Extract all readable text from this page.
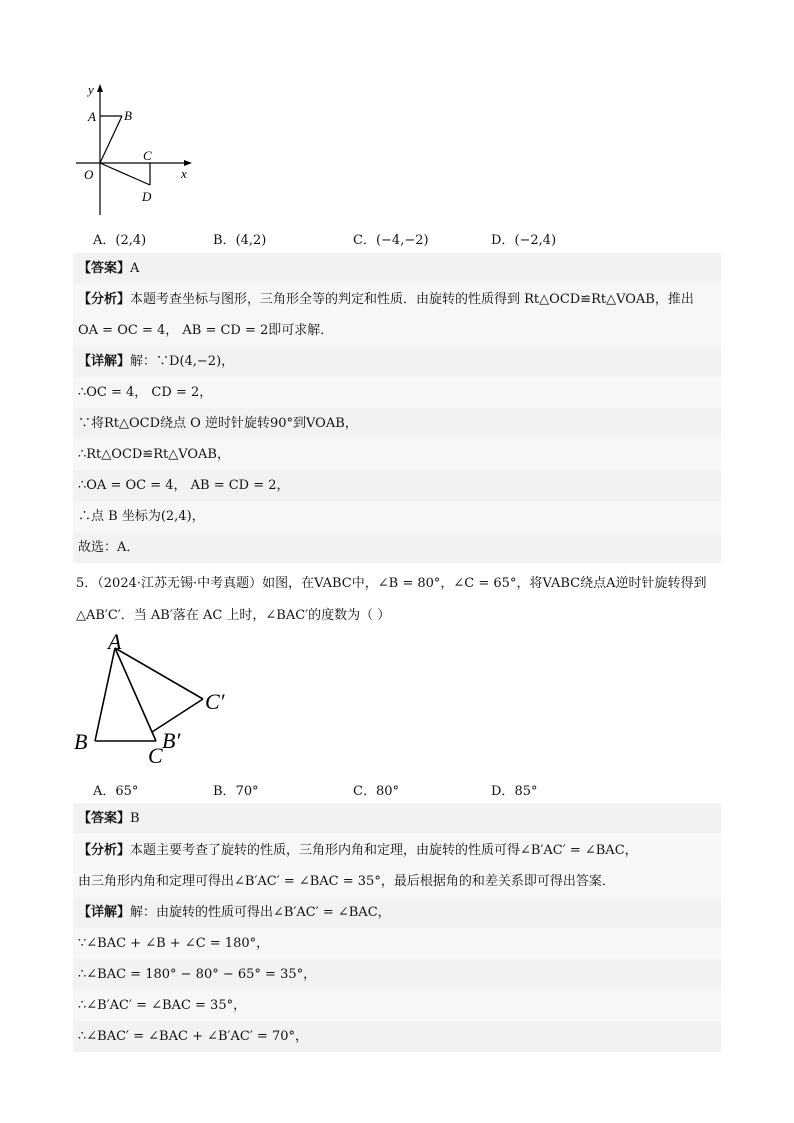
y
x
A B
C
D
O
A．(2,4)	B．(4,2)	C．(−4,−2)	D．(−2,4)
【答案】A
【分析】本题考查坐标与图形，三角形全等的判定和性质．由旋转的性质得到 Rt△OCD≌Rt△VOAB，推出
OA = OC = 4， AB = CD = 2即可求解．
【详解】解：∵D(4,−2)，
∴OC = 4， CD = 2，
∵将Rt△OCD绕点 O 逆时针旋转90°到VOAB，
∴Rt△OCD≌Rt△VOAB，
∴OA = OC = 4， AB = CD = 2，
∴点 B 坐标为(2,4)，
故选：A．
5．（2024·江苏无锡·中考真题）如图，在VABC中，∠B = 80°，∠C = 65°，将VABC绕点A逆时针旋转得到
△AB′C′．当 AB′落在 AC 上时，∠BAC′的度数为（ ）
A
B
C
B′
C′
A．65°	B．70°	C．80°	D．85°
【答案】B
【分析】本题主要考查了旋转的性质，三角形内角和定理，由旋转的性质可得∠B′AC′ = ∠BAC，
由三角形内角和定理可得出∠B′AC′ = ∠BAC = 35°，最后根据角的和差关系即可得出答案．
【详解】解：由旋转的性质可得出∠B′AC′ = ∠BAC，
∵∠BAC + ∠B + ∠C = 180°，
∴∠BAC = 180° − 80° − 65° = 35°，
∴∠B′AC′ = ∠BAC = 35°，
∴∠BAC′ = ∠BAC + ∠B′AC′ = 70°，
